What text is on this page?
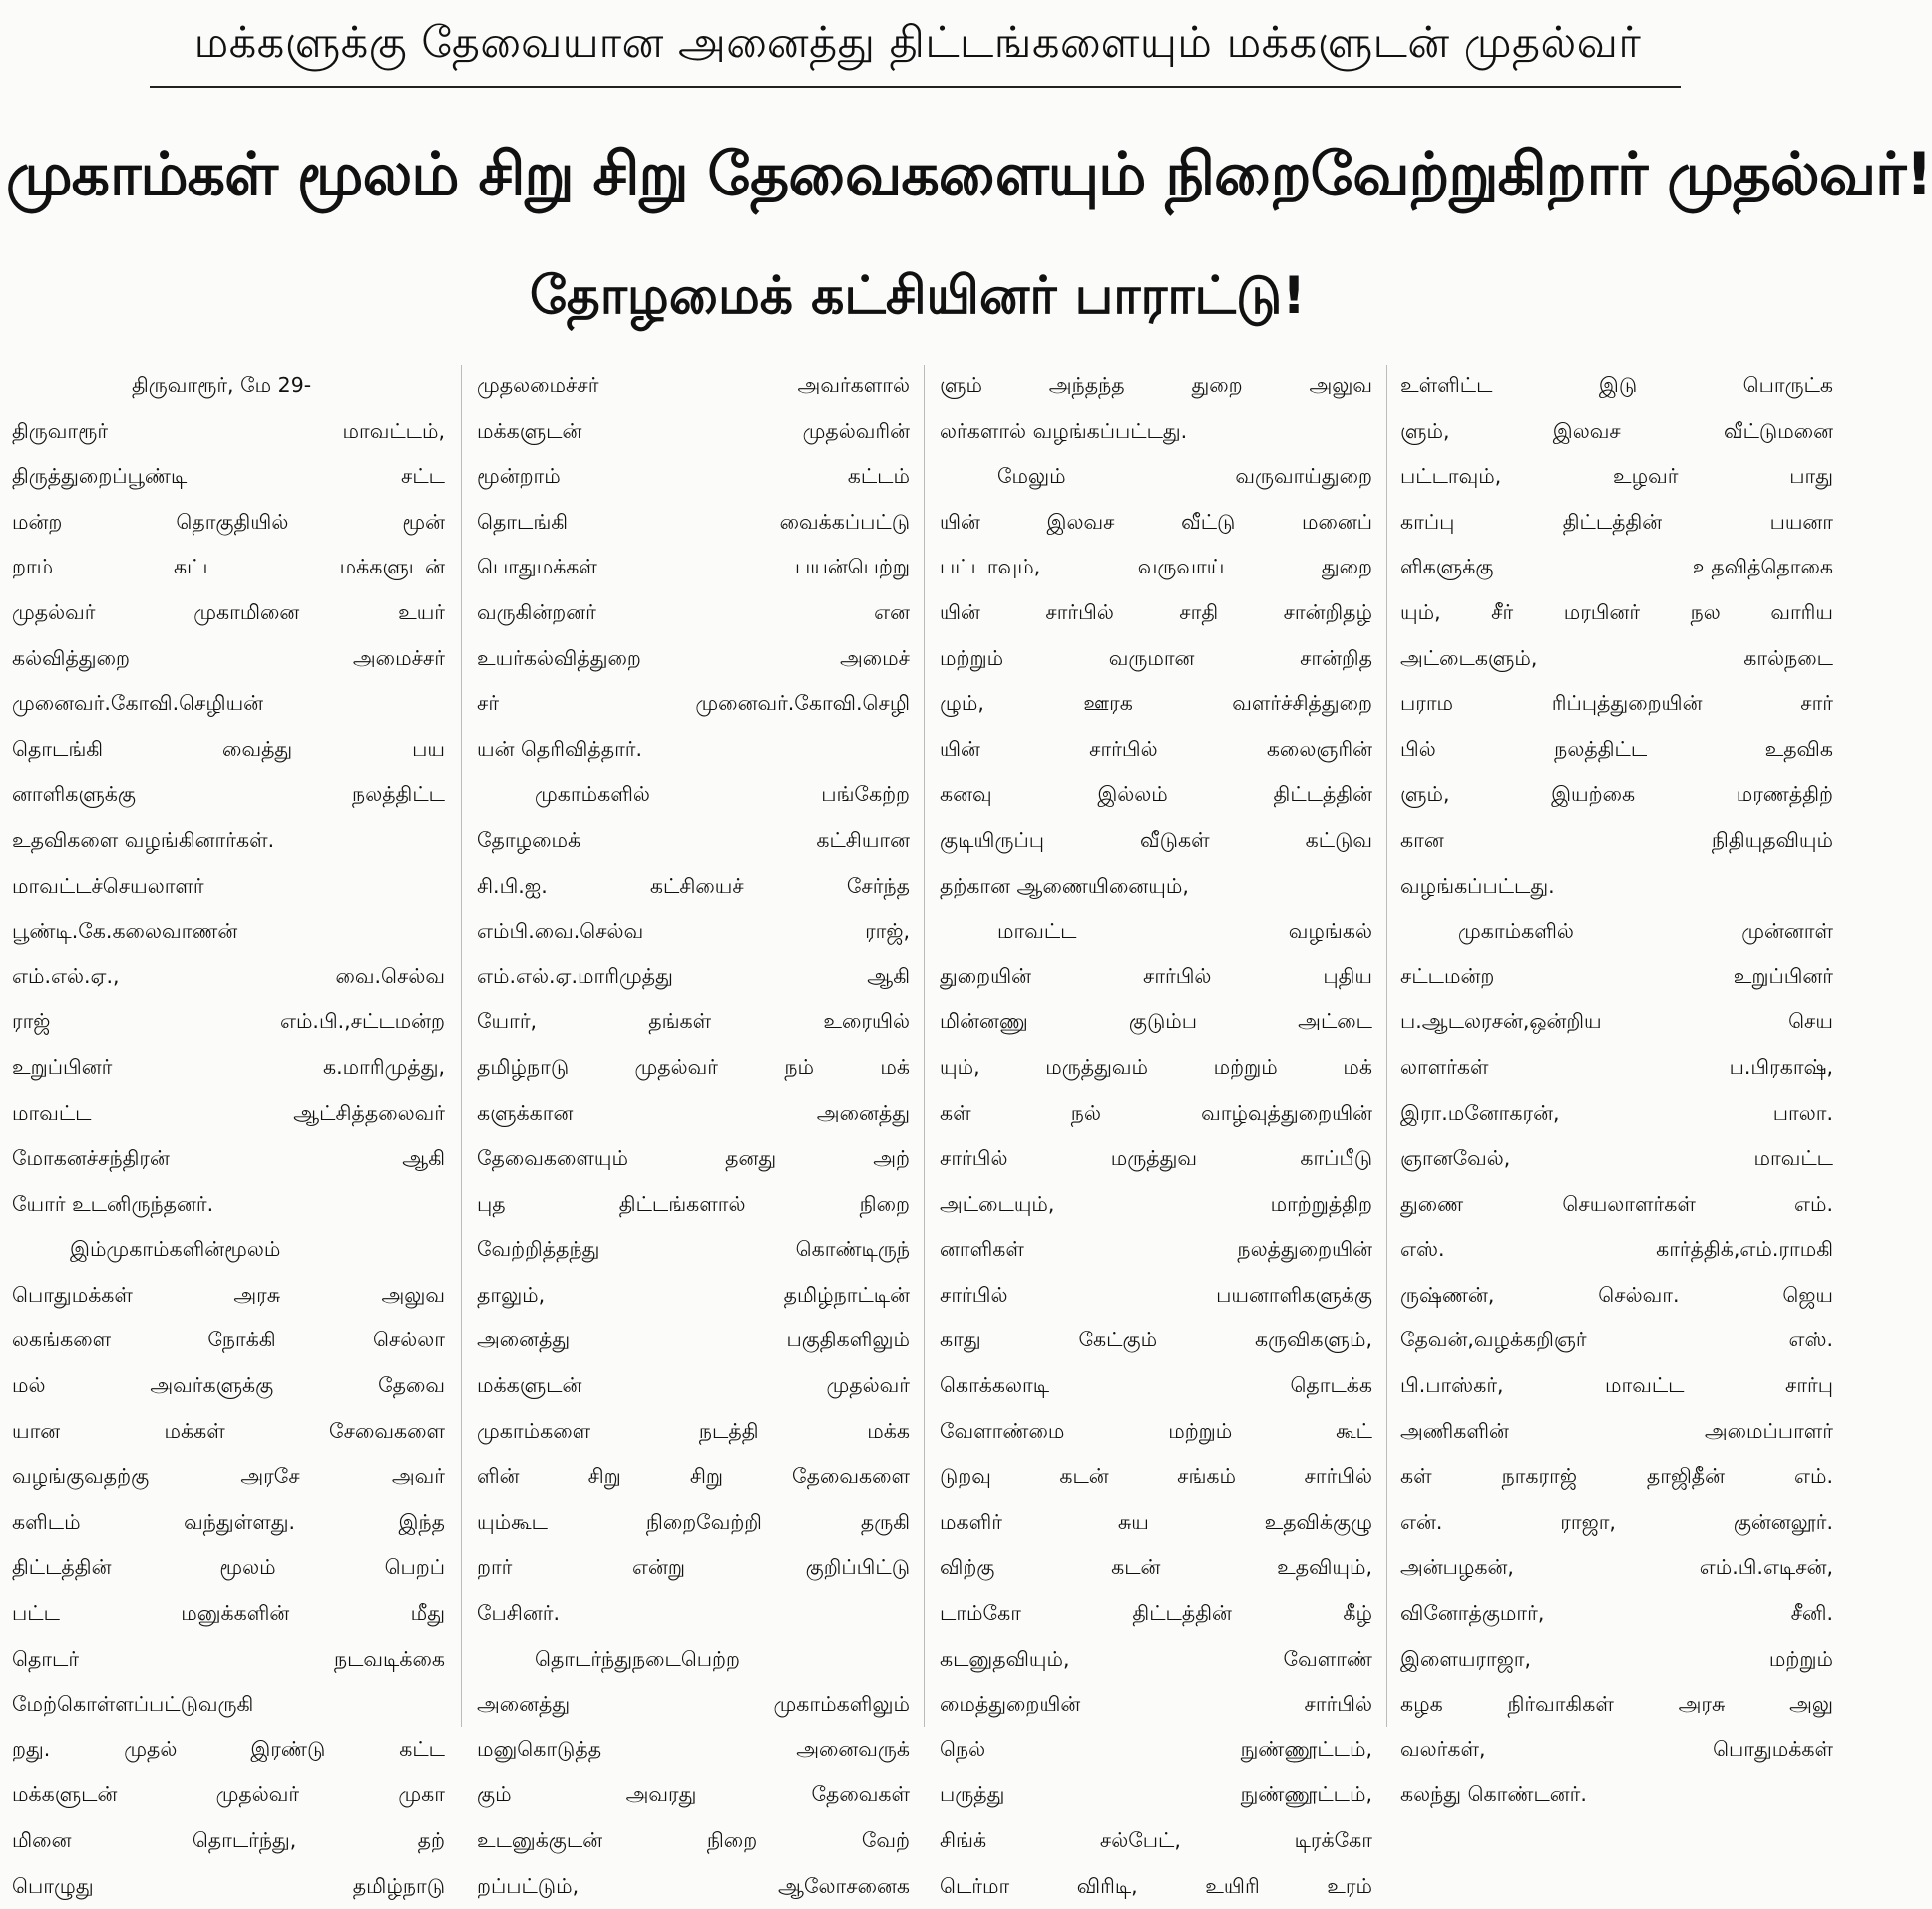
மக்களுக்கு தேவையான அனைத்து திட்டங்களையும் மக்களுடன் முதல்வர்
முகாம்கள் மூலம் சிறு சிறு தேவைகளையும் நிறைவேற்றுகிறார் முதல்வர்!
தோழமைக் கட்சியினர் பாராட்டு!
திருவாரூர், மே 29-
திருவாரூர் மாவட்டம்,
திருத்துறைப்பூண்டி சட்ட
மன்ற தொகுதியில் மூன்
றாம் கட்ட மக்களுடன்
முதல்வர் முகாமினை உயர்
கல்வித்துறை அமைச்சர்
முனைவர்.கோவி.செழியன்
தொடங்கி வைத்து பய
னாளிகளுக்கு நலத்திட்ட
உதவிகளை வழங்கினார்கள்.
மாவட்டச்செயலாளர்
பூண்டி.கே.கலைவாணன்
எம்.எல்.ஏ., வை.செல்வ
ராஜ் எம்.பி.,சட்டமன்ற
உறுப்பினர் க.மாரிமுத்து,
மாவட்ட ஆட்சித்தலைவர்
மோகனச்சந்திரன் ஆகி
யோர் உடனிருந்தனர்.
இம்முகாம்களின்மூலம்
பொதுமக்கள் அரசு அலுவ
லகங்களை நோக்கி செல்லா
மல் அவர்களுக்கு தேவை
யான மக்கள் சேவைகளை
வழங்குவதற்கு அரசே அவர்
களிடம் வந்துள்ளது. இந்த
திட்டத்தின் மூலம் பெறப்
பட்ட மனுக்களின் மீது
தொடர் நடவடிக்கை
மேற்கொள்ளப்பட்டுவருகி
றது. முதல் இரண்டு கட்ட
மக்களுடன் முதல்வர் முகா
மினை தொடர்ந்து, தற்
பொழுது தமிழ்நாடு
முதலமைச்சர் அவர்களால்
மக்களுடன் முதல்வரின்
மூன்றாம் கட்டம்
தொடங்கி வைக்கப்பட்டு
பொதுமக்கள் பயன்பெற்று
வருகின்றனர் என
உயர்கல்வித்துறை அமைச்
சர் முனைவர்.கோவி.செழி
யன் தெரிவித்தார்.
முகாம்களில் பங்கேற்ற
தோழமைக் கட்சியான
சி.பி.ஐ. கட்சியைச் சேர்ந்த
எம்பி.வை.செல்வ ராஜ்,
எம்.எல்.ஏ.மாரிமுத்து ஆகி
யோர், தங்கள் உரையில்
தமிழ்நாடு முதல்வர் நம் மக்
களுக்கான அனைத்து
தேவைகளையும் தனது அற்
புத திட்டங்களால் நிறை
வேற்றித்தந்து கொண்டிருந்
தாலும், தமிழ்நாட்டின்
அனைத்து பகுதிகளிலும்
மக்களுடன் முதல்வர்
முகாம்களை நடத்தி மக்க
ளின் சிறு சிறு தேவைகளை
யும்கூட நிறைவேற்றி தருகி
றார் என்று குறிப்பிட்டு
பேசினர்.
தொடர்ந்துநடைபெற்ற
அனைத்து முகாம்களிலும்
மனுகொடுத்த அனைவருக்
கும் அவரது தேவைகள்
உடனுக்குடன் நிறை வேற்
றப்பட்டும், ஆலோசனைக
ளும் அந்தந்த துறை அலுவ
லர்களால் வழங்கப்பட்டது.
மேலும் வருவாய்துறை
யின் இலவச வீட்டு மனைப்
பட்டாவும், வருவாய் துறை
யின் சார்பில் சாதி சான்றிதழ்
மற்றும் வருமான சான்றித
ழும், ஊரக வளர்ச்சித்துறை
யின் சார்பில் கலைஞரின்
கனவு இல்லம் திட்டத்தின்
குடியிருப்பு வீடுகள் கட்டுவ
தற்கான ஆணையினையும்,
மாவட்ட வழங்கல்
துறையின் சார்பில் புதிய
மின்னணு குடும்ப அட்டை
யும், மருத்துவம் மற்றும் மக்
கள் நல் வாழ்வுத்துறையின்
சார்பில் மருத்துவ காப்பீடு
அட்டையும், மாற்றுத்திற
னாளிகள் நலத்துறையின்
சார்பில் பயனாளிகளுக்கு
காது கேட்கும் கருவிகளும்,
கொக்கலாடி தொடக்க
வேளாண்மை மற்றும் கூட்
டுறவு கடன் சங்கம் சார்பில்
மகளிர் சுய உதவிக்குழு
விற்கு கடன் உதவியும்,
டாம்கோ திட்டத்தின் கீழ்
கடனுதவியும், வேளாண்
மைத்துறையின் சார்பில்
நெல் நுண்ணூட்டம்,
பருத்து நுண்ணூட்டம்,
சிங்க் சல்பேட், டிரக்கோ
டெர்மா விரிடி, உயிரி உரம்
உள்ளிட்ட இடு பொருட்க
ளும், இலவச வீட்டுமனை
பட்டாவும், உழவர் பாது
காப்பு திட்டத்தின் பயனா
ளிகளுக்கு உதவித்தொகை
யும், சீர் மரபினர் நல வாரிய
அட்டைகளும், கால்நடை
பராம ரிப்புத்துறையின் சார்
பில் நலத்திட்ட உதவிக
ளும், இயற்கை மரணத்திற்
கான நிதியுதவியும்
வழங்கப்பட்டது.
முகாம்களில் முன்னாள்
சட்டமன்ற உறுப்பினர்
ப.ஆடலரசன்,ஒன்றிய செய
லாளர்கள் ப.பிரகாஷ்,
இரா.மனோகரன், பாலா.
ஞானவேல், மாவட்ட
துணை செயலாளர்கள் எம்.
எஸ். கார்த்திக்,எம்.ராமகி
ருஷ்ணன், செல்வா. ஜெய
தேவன்,வழக்கறிஞர் எஸ்.
பி.பாஸ்கர், மாவட்ட சார்பு
அணிகளின் அமைப்பாளர்
கள் நாகராஜ் தாஜிதீன் எம்.
என். ராஜா, குன்னலூர்.
அன்பழகன், எம்.பி.எடிசன்,
வினோத்குமார், சீனி.
இளையராஜா, மற்றும்
கழக நிர்வாகிகள் அரசு அலு
வலர்கள், பொதுமக்கள்
கலந்து கொண்டனர்.
